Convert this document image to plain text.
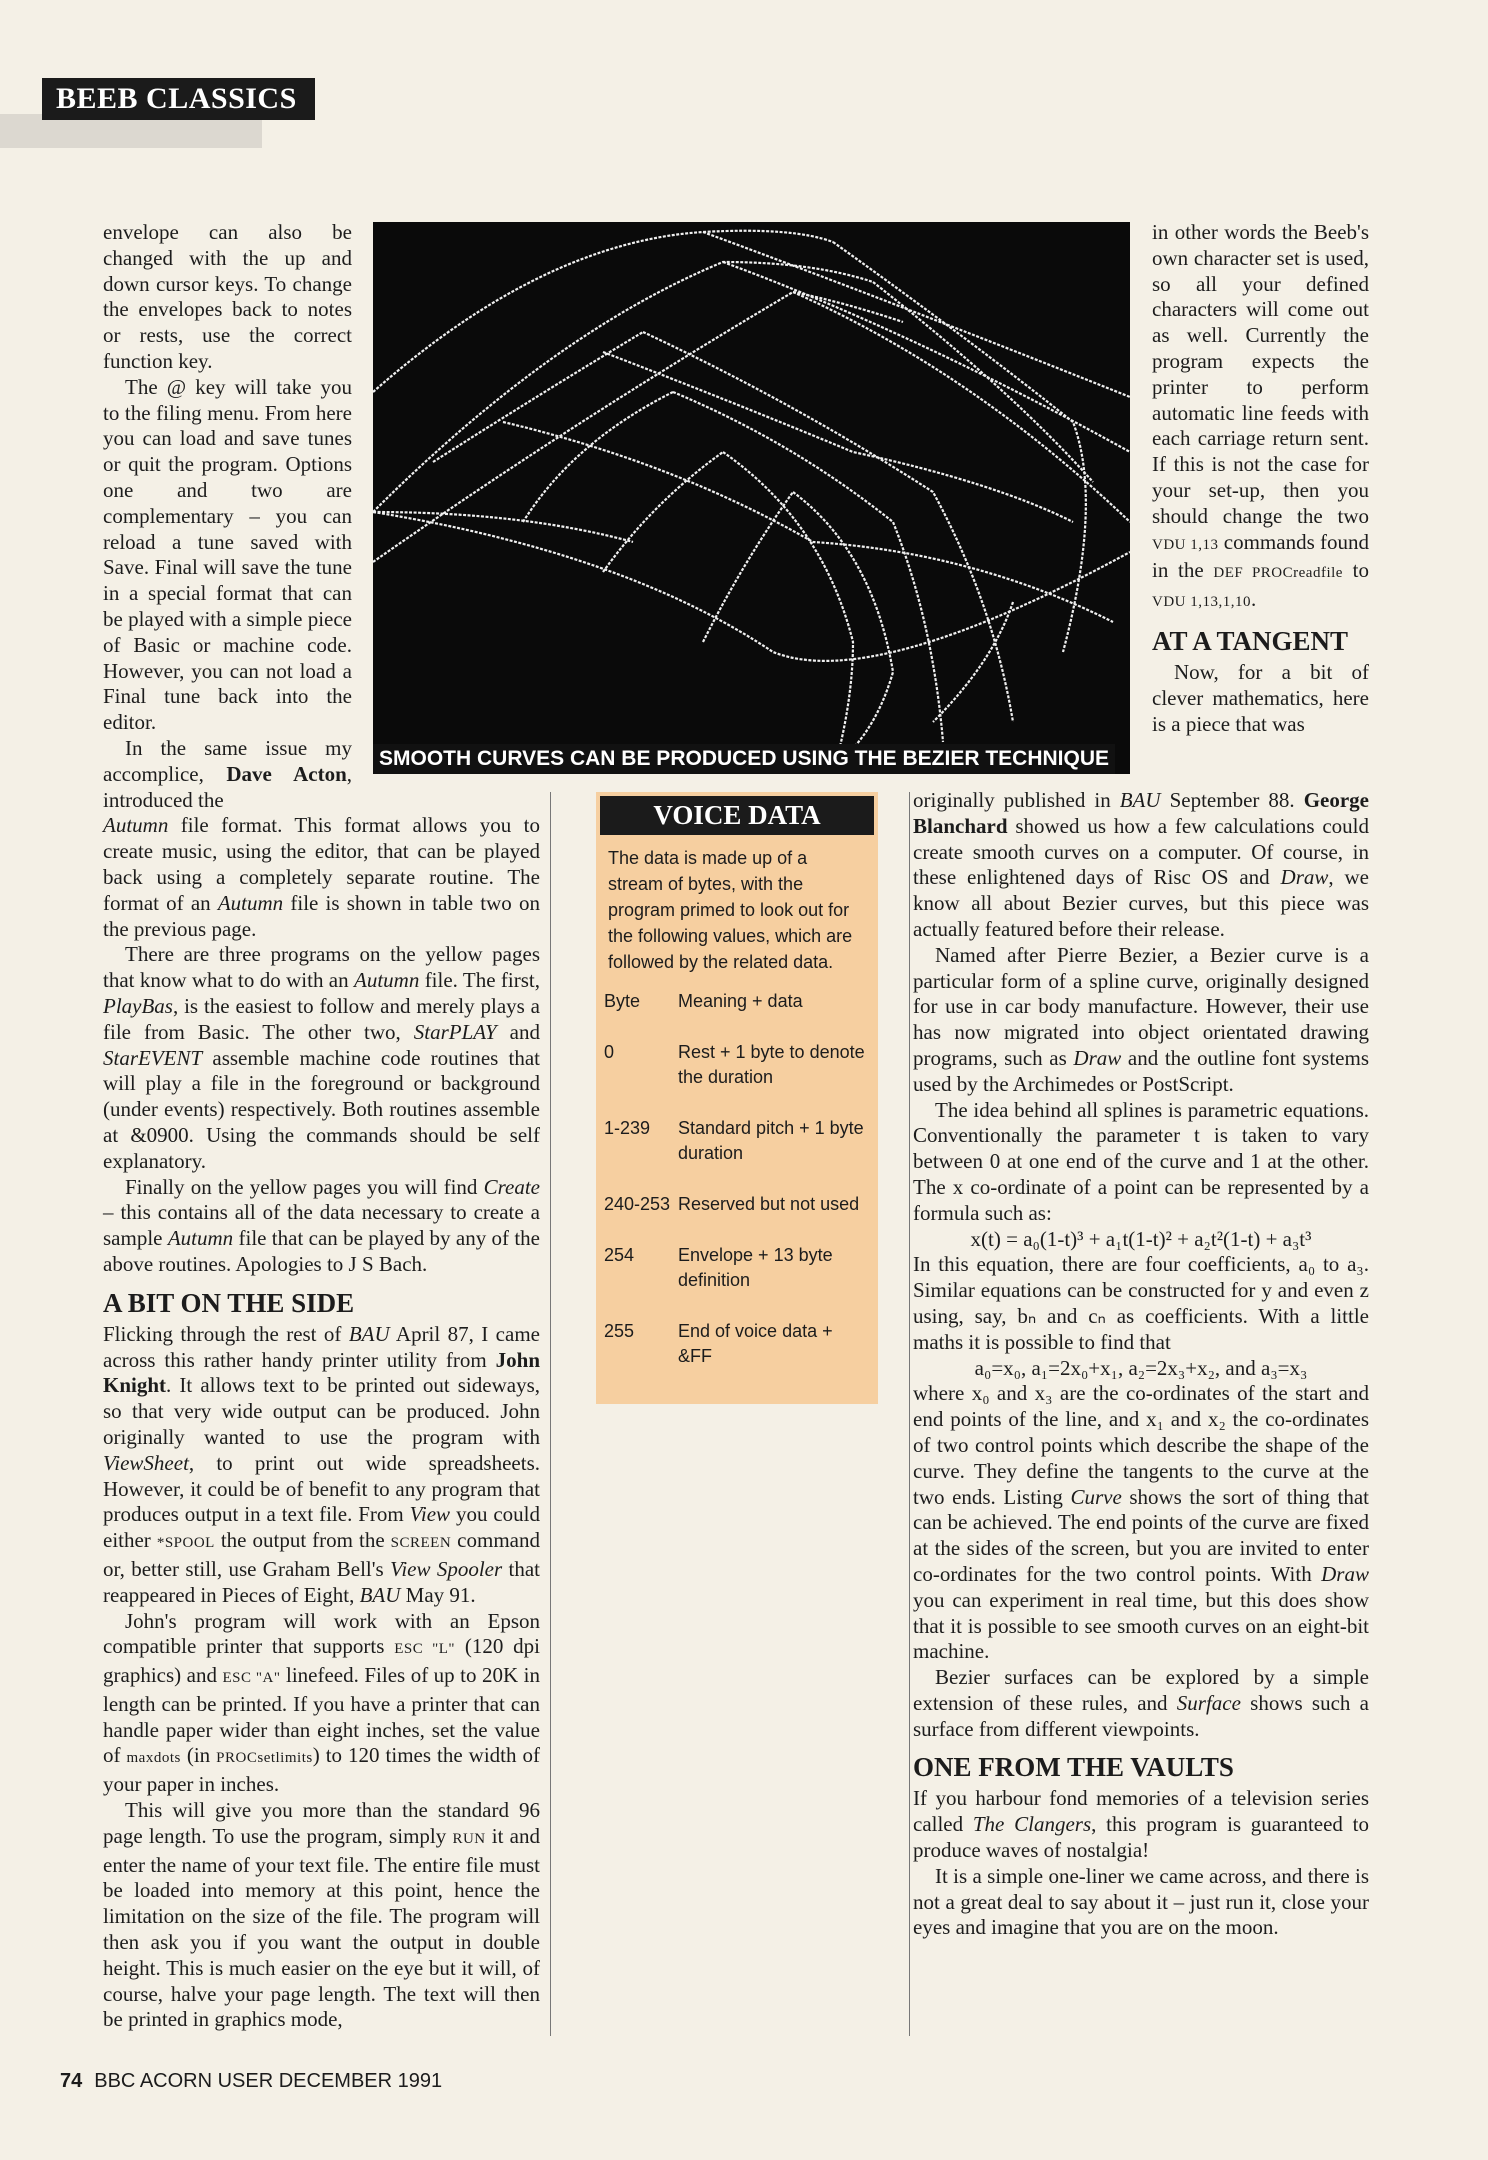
BEEB CLASSICS
SMOOTH CURVES CAN BE PRODUCED USING THE BEZIER TECHNIQUE

envelope can also be changed with the up and down cursor keys. To change the envelopes back to notes or rests, use the correct function key.

The @ key will take you to the filing menu. From here you can load and save tunes or quit the program. Options one and two are complementary – you can reload a tune saved with Save. Final will save the tune in a special format that can be played with a simple piece of Basic or machine code. However, you can not load a Final tune back into the editor.

In the same issue my accomplice, Dave Acton, introduced the

Autumn file format. This format allows you to create music, using the editor, that can be played back using a completely separate routine. The format of an Autumn file is shown in table two on the previous page.

There are three programs on the yellow pages that know what to do with an Autumn file. The first, PlayBas, is the easiest to follow and merely plays a file from Basic. The other two, StarPLAY and StarEVENT assemble machine code routines that will play a file in the foreground or background (under events) respectively. Both routines assemble at &0900. Using the commands should be self explanatory.

Finally on the yellow pages you will find Create – this contains all of the data necessary to create a sample Autumn file that can be played by any of the above routines. Apologies to J S Bach.

A BIT ON THE SIDE

Flicking through the rest of BAU April 87, I came across this rather handy printer utility from John Knight. It allows text to be printed out sideways, so that very wide output can be produced. John originally wanted to use the program with ViewSheet, to print out wide spreadsheets. However, it could be of benefit to any program that produces output in a text file. From View you could either *SPOOL the output from the SCREEN command or, better still, use Graham Bell's View Spooler that reappeared in Pieces of Eight, BAU May 91.

John's program will work with an Epson compatible printer that supports ESC "L" (120 dpi graphics) and ESC "A" linefeed. Files of up to 20K in length can be printed. If you have a printer that can handle paper wider than eight inches, set the value of maxdots (in PROCsetlimits) to 120 times the width of your paper in inches.

This will give you more than the standard 96 page length. To use the program, simply RUN it and enter the name of your text file. The entire file must be loaded into memory at this point, hence the limitation on the size of the file. The program will then ask you if you want the output in double height. This is much easier on the eye but it will, of course, halve your page length. The text will then be printed in graphics mode,

VOICE DATA
The data is made up of a stream of bytes, with the program primed to look out for the following values, which are followed by the related data.
Byte	Meaning + data
0	Rest + 1 byte to denote the duration
1-239	Standard pitch + 1 byte duration
240-253	Reserved but not used
254	Envelope + 13 byte definition
255	End of voice data + &FF

in other words the Beeb's own character set is used, so all your defined characters will come out as well. Currently the program expects the printer to perform automatic line feeds with each carriage return sent. If this is not the case for your set-up, then you should change the two VDU 1,13 commands found in the DEF PROCreadfile to VDU 1,13,1,10.

AT A TANGENT

Now, for a bit of clever mathematics, here is a piece that was

originally published in BAU September 88. George Blanchard showed us how a few calculations could create smooth curves on a computer. Of course, in these enlightened days of Risc OS and Draw, we know all about Bezier curves, but this piece was actually featured before their release.

Named after Pierre Bezier, a Bezier curve is a particular form of a spline curve, originally designed for use in car body manufacture. However, their use has now migrated into object orientated drawing programs, such as Draw and the outline font systems used by the Archimedes or PostScript.

The idea behind all splines is parametric equations. Conventionally the parameter t is taken to vary between 0 at one end of the curve and 1 at the other. The x co-ordinate of a point can be represented by a formula such as:

x(t) = a₀(1-t)³ + a₁t(1-t)² + a₂t²(1-t) + a₃t³

In this equation, there are four coefficients, a₀ to a₃. Similar equations can be constructed for y and even z using, say, bₙ and cₙ as coefficients. With a little maths it is possible to find that

a₀=x₀, a₁=2x₀+x₁, a₂=2x₃+x₂, and a₃=x₃

where x₀ and x₃ are the co-ordinates of the start and end points of the line, and x₁ and x₂ the co-ordinates of two control points which describe the shape of the curve. They define the tangents to the curve at the two ends. Listing Curve shows the sort of thing that can be achieved. The end points of the curve are fixed at the sides of the screen, but you are invited to enter co-ordinates for the two control points. With Draw you can experiment in real time, but this does show that it is possible to see smooth curves on an eight-bit machine.

Bezier surfaces can be explored by a simple extension of these rules, and Surface shows such a surface from different viewpoints.

ONE FROM THE VAULTS

If you harbour fond memories of a television series called The Clangers, this program is guaranteed to produce waves of nostalgia!

It is a simple one-liner we came across, and there is not a great deal to say about it – just run it, close your eyes and imagine that you are on the moon.

74 BBC ACORN USER DECEMBER 1991
